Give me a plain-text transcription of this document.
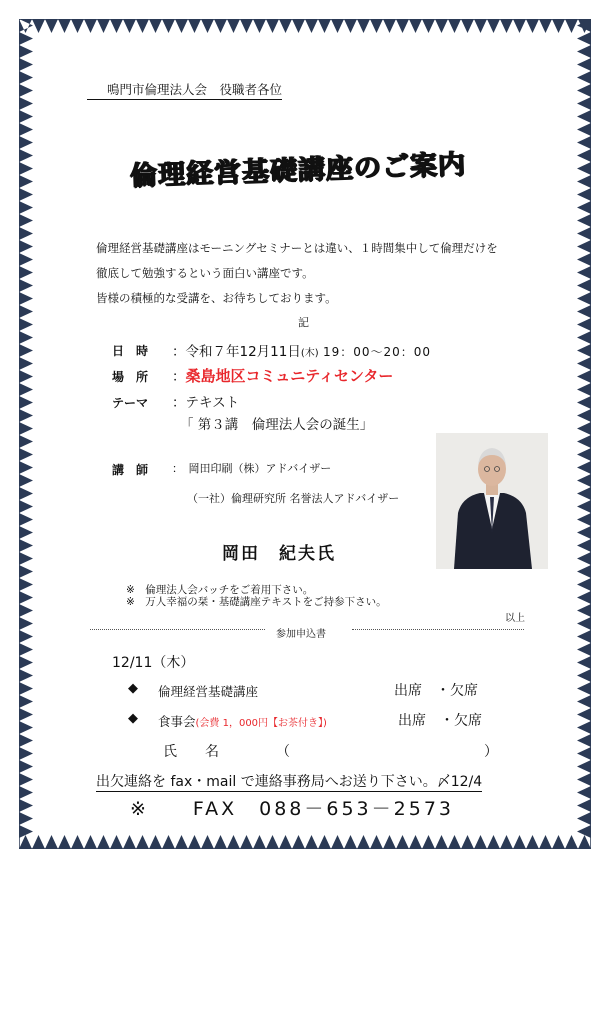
鳴門市倫理法人会　役職者各位
倫理経営基礎講座のご案内
倫理経営基礎講座はモーニングセミナーとは違い、１時間集中して倫理だけを
徹底して勉強するという面白い講座です。
皆様の積極的な受講を、お待ちしております。
記
日　時 ：令和７年12月11日(木) 19：00～20：00
場　所 ：桑島地区コミュニティセンター
テーマ ：テキスト
「 第３講　倫理法人会の誕生」
講　師 ：　岡田印刷（株）アドバイザー
（一社）倫理研究所 名誉法人アドバイザー
岡田　紀夫氏
※　倫理法人会バッチをご着用下さい。
※　万人幸福の栞・基礎講座テキストをご持参下さい。
以上
参加申込書
12/11（木）
◆ 倫理経営基礎講座	出席　・欠席
◆ 食事会(会費 1，000円【お茶付き】)	出席　・欠席
氏　　名	（	）
出欠連絡を fax・mail で連絡事務局へお送り下さい。〆12/4
※　　FAX　088－653－2573
